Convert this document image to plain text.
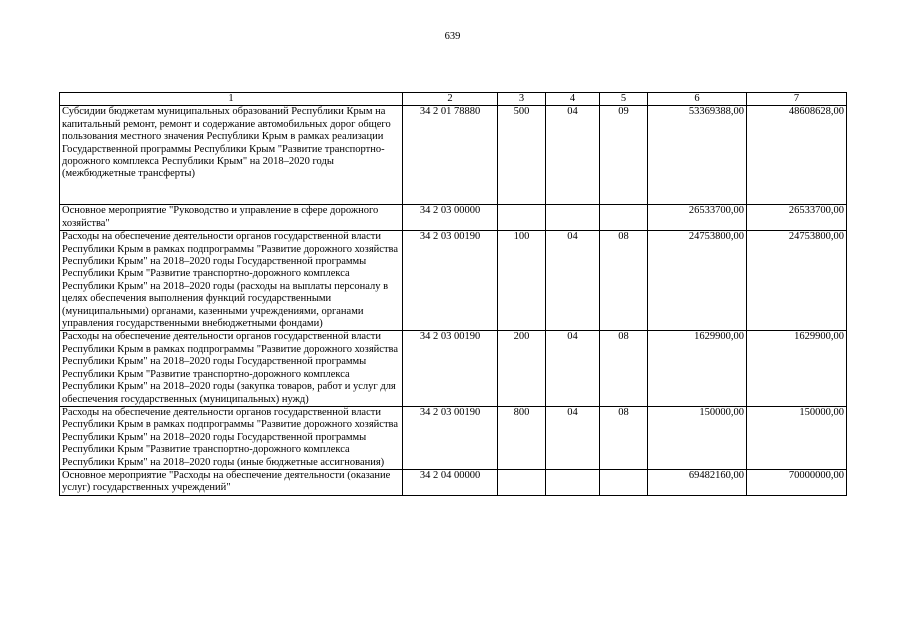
639
1	2	3	4	5	6	7
Субсидии бюджетам муниципальных образований Республики Крым на капитальный ремонт, ремонт и содержание автомобильных дорог общего пользования местного значения Республики Крым в рамках реализации Государственной программы Республики Крым "Развитие транспортно-дорожного комплекса Республики Крым" на 2018–2020 годы (межбюджетные трансферты)	34 2 01 78880	500	04	09	53369388,00	48608628,00
Основное мероприятие "Руководство и управление в сфере дорожного хозяйства"	34 2 03 00000				26533700,00	26533700,00
Расходы на обеспечение деятельности органов государственной власти Республики Крым в рамках подпрограммы "Развитие дорожного хозяйства Республики Крым" на 2018–2020 годы Государственной программы Республики Крым "Развитие транспортно-дорожного комплекса Республики Крым" на 2018–2020 годы (расходы на выплаты персоналу в целях обеспечения выполнения функций государственными (муниципальными) органами, казенными учреждениями, органами управления государственными внебюджетными фондами)	34 2 03 00190	100	04	08	24753800,00	24753800,00
Расходы на обеспечение деятельности органов государственной власти Республики Крым в рамках подпрограммы "Развитие дорожного хозяйства Республики Крым" на 2018–2020 годы Государственной программы Республики Крым "Развитие транспортно-дорожного комплекса Республики Крым" на 2018–2020 годы (закупка товаров, работ и услуг для обеспечения государственных (муниципальных) нужд)	34 2 03 00190	200	04	08	1629900,00	1629900,00
Расходы на обеспечение деятельности органов государственной власти Республики Крым в рамках подпрограммы "Развитие дорожного хозяйства Республики Крым" на 2018–2020 годы Государственной программы Республики Крым "Развитие транспортно-дорожного комплекса Республики Крым" на 2018–2020 годы (иные бюджетные ассигнования)	34 2 03 00190	800	04	08	150000,00	150000,00
Основное мероприятие "Расходы на обеспечение деятельности (оказание услуг) государственных учреждений"	34 2 04 00000				69482160,00	70000000,00
